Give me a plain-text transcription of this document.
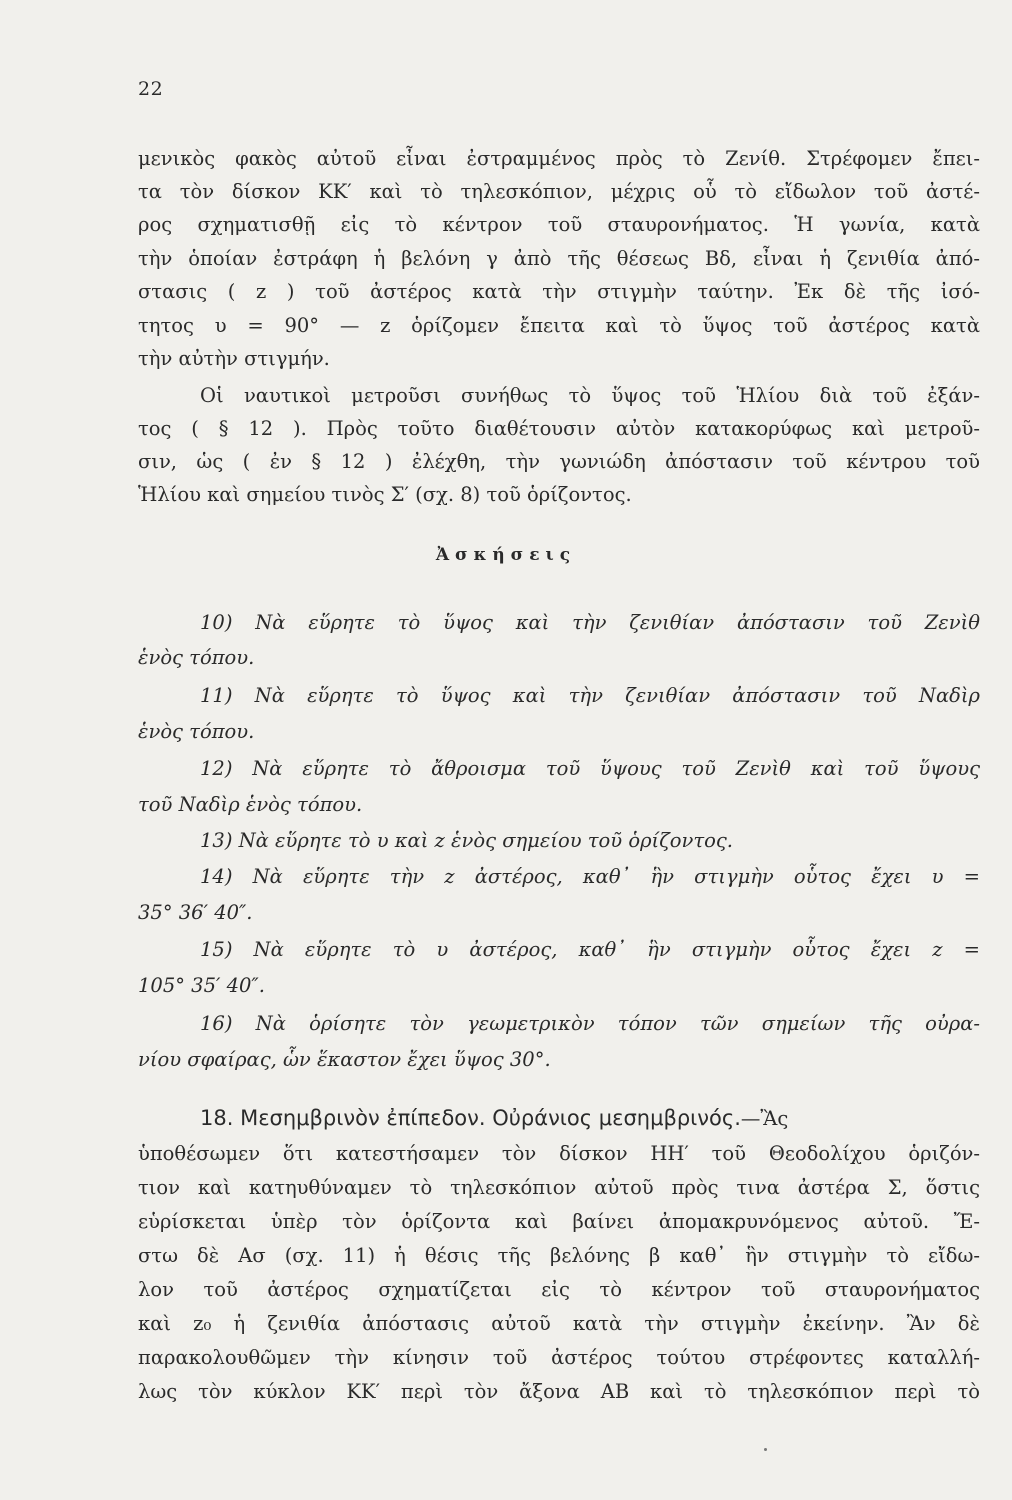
22
μενικὸς φακὸς αὐτοῦ εἶναι ἐστραμμένος πρὸς τὸ Ζενίθ. Στρέφομεν ἔπει-
τα τὸν δίσκον ΚΚ′ καὶ τὸ τηλεσκόπιον, μέχρις οὗ τὸ εἴδωλον τοῦ ἀστέ-
ρος σχηματισθῇ εἰς τὸ κέντρον τοῦ σταυρονήματος. Ἡ γωνία, κατὰ
τὴν ὁποίαν ἐστράφη ἡ βελόνη γ ἀπὸ τῆς θέσεως Βδ, εἶναι ἡ ζενιθία ἀπό-
στασις ( z ) τοῦ ἀστέρος κατὰ τὴν στιγμὴν ταύτην. Ἐκ δὲ τῆς ἰσό-
τητος υ = 90° — z ὁρίζομεν ἔπειτα καὶ τὸ ὕψος τοῦ ἀστέρος κατὰ
τὴν αὐτὴν στιγμήν.
Οἱ ναυτικοὶ μετροῦσι συνήθως τὸ ὕψος τοῦ Ἡλίου διὰ τοῦ ἐξάν-
τος ( § 12 ). Πρὸς τοῦτο διαθέτουσιν αὐτὸν κατακορύφως καὶ μετροῦ-
σιν, ὡς ( ἐν § 12 ) ἐλέχθη, τὴν γωνιώδη ἀπόστασιν τοῦ κέντρου τοῦ
Ἡλίου καὶ σημείου τινὸς Σ′ (σχ. 8) τοῦ ὁρίζοντος.
Ἀσκήσεις
10) Νὰ εὕρητε τὸ ὕψος καὶ τὴν ζενιθίαν ἀπόστασιν τοῦ Ζενὶθ
ἑνὸς τόπου.
11) Νὰ εὕρητε τὸ ὕψος καὶ τὴν ζενιθίαν ἀπόστασιν τοῦ Ναδὶρ
ἑνὸς τόπου.
12) Νὰ εὕρητε τὸ ἄθροισμα τοῦ ὕψους τοῦ Ζενὶθ καὶ τοῦ ὕψους
τοῦ Ναδὶρ ἑνὸς τόπου.
13) Νὰ εὕρητε τὸ υ καὶ z ἑνὸς σημείου τοῦ ὁρίζοντος.
14) Νὰ εὕρητε τὴν z ἀστέρος, καθ᾽ ἣν στιγμὴν οὗτος ἔχει υ =
35° 36′ 40″.
15) Νὰ εὕρητε τὸ υ ἀστέρος, καθ᾽ ἣν στιγμὴν οὗτος ἔχει z =
105° 35′ 40″.
16) Νὰ ὁρίσητε τὸν γεωμετρικὸν τόπον τῶν σημείων τῆς οὐρα-
νίου σφαίρας, ὧν ἕκαστον ἔχει ὕψος 30°.
18. Μεσημβρινὸν ἐπίπεδον. Οὐράνιος μεσημβρινός.—Ἂς
ὑποθέσωμεν ὅτι κατεστήσαμεν τὸν δίσκον ΗΗ′ τοῦ Θεοδολίχου ὁριζόν-
τιον καὶ κατηυθύναμεν τὸ τηλεσκόπιον αὐτοῦ πρὸς τινα ἀστέρα Σ, ὅστις
εὑρίσκεται ὑπὲρ τὸν ὁρίζοντα καὶ βαίνει ἀπομακρυνόμενος αὐτοῦ. Ἔ-
στω δὲ Ασ (σχ. 11) ἡ θέσις τῆς βελόνης β καθ᾽ ἣν στιγμὴν τὸ εἴδω-
λον τοῦ ἀστέρος σχηματίζεται εἰς τὸ κέντρον τοῦ σταυρονήματος
καὶ z₀ ἡ ζενιθία ἀπόστασις αὐτοῦ κατὰ τὴν στιγμὴν ἐκείνην. Ἂν δὲ
παρακολουθῶμεν τὴν κίνησιν τοῦ ἀστέρος τούτου στρέφοντες καταλλή-
λως τὸν κύκλον ΚΚ′ περὶ τὸν ἄξονα ΑΒ καὶ τὸ τηλεσκόπιον περὶ τὸ
